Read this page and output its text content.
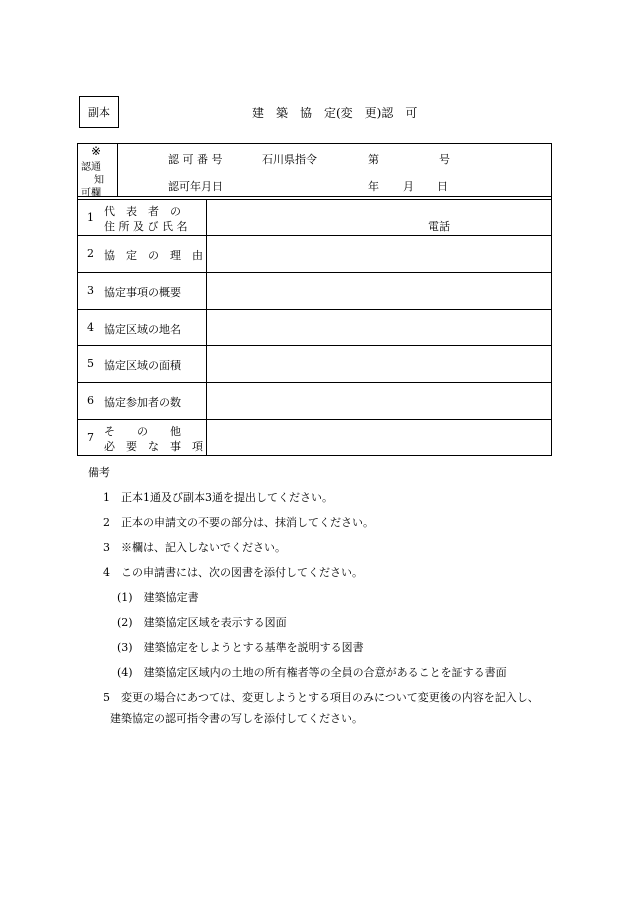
副本	建　築　協　定(変　更)認　可
※
認通
知
可欄
認 可 番 号	石川県指令	第	号
認可年月日	年 月 日
1 代　表　者　の
住 所 及 び 氏 名	電話
2 協　定　の　理　由
3 協定事項の概要
4 協定区域の地名
5 協定区域の面積
6 協定参加者の数
7 そ　　の　　他
必　要　な　事　項
備考
1　正本1通及び副本3通を提出してください。
2　正本の申請文の不要の部分は、抹消してください。
3　※欄は、記入しないでください。
4　この申請書には、次の図書を添付してください。
(1)　建築協定書
(2)　建築協定区域を表示する図面
(3)　建築協定をしようとする基準を説明する図書
(4)　建築協定区域内の土地の所有権者等の全員の合意があることを証する書面
5　変更の場合にあつては、変更しようとする項目のみについて変更後の内容を記入し、
建築協定の認可指令書の写しを添付してください。
